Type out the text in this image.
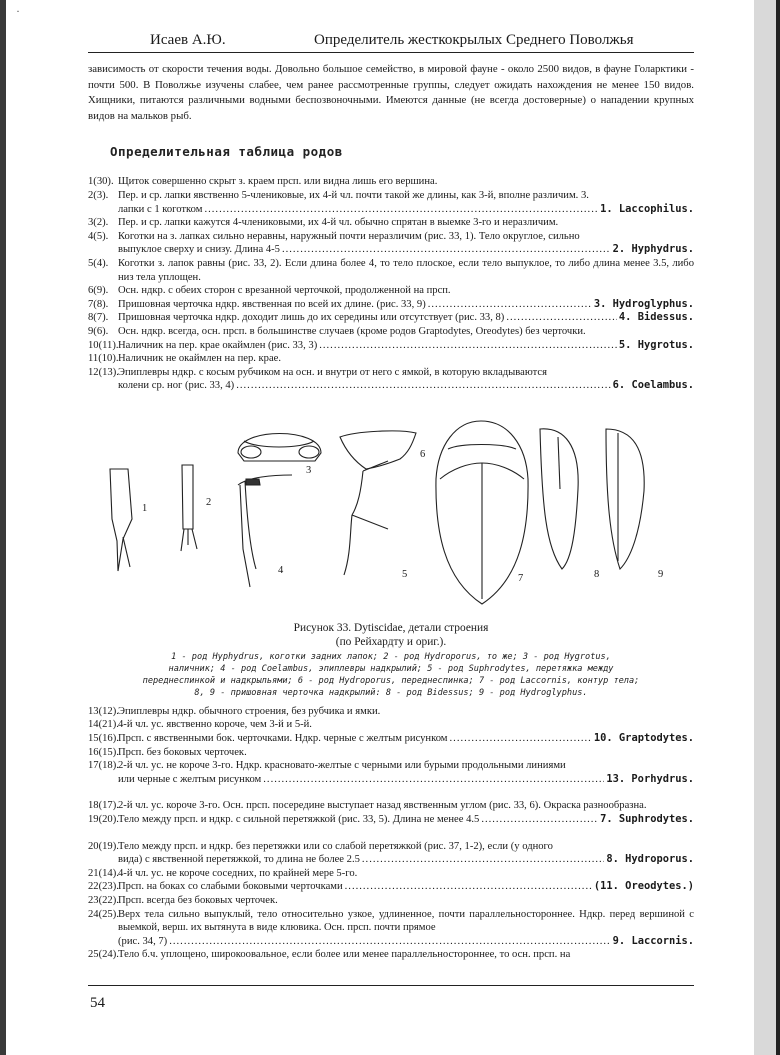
·
Исаев А.Ю.	Определитель жесткокрылых Среднего Поволжья
зависимость от скорости течения воды. Довольно большое семейство, в мировой фауне - около 2500 видов, в фауне Голарктики - почти 500. В Поволжье изучены слабее, чем ранее рассмотренные группы, следует ожидать нахождения не менее 150 видов. Хищники, питаются различными водными беспозвоночными. Имеются данные (не всегда достоверные) о нападении крупных видов на мальков рыб.
Определительная таблица родов
1(30). Щиток совершенно скрыт з. краем прсп. или видна лишь его вершина.
2(3). Пер. и ср. лапки явственно 5-члениковые, их 4-й чл. почти такой же длины, как 3-й, вполне различим. 3.
лапки с 1 коготком .....	1. Laccophilus.
3(2). Пер. и ср. лапки кажутся 4-члениковыми, их 4-й чл. обычно спрятан в выемке 3-го и неразличим.
4(5). Коготки на з. лапках сильно неравны, наружный почти неразличим (рис. 33, 1). Тело округлое, сильно
выпуклое сверху и снизу. Длина 4-5 .....	2. Hyphydrus.
5(4). Коготки з. лапок равны (рис. 33, 2). Если длина более 4, то тело плоское, если тело выпуклое, то либо длина менее 3.5, либо низ тела уплощен.
6(9). Осн. ндкр. с обеих сторон с врезанной черточкой, продолженной на прсп.
7(8). Пришовная черточка ндкр. явственная по всей их длине. (рис. 33, 9) .....	3. Hydroglyphus.
8(7). Пришовная черточка ндкр. доходит лишь до их середины или отсутствует (рис. 33, 8) .....	4. Bidessus.
9(6). Осн. ндкр. всегда, осн. прсп. в большинстве случаев (кроме родов Graptodytes, Oreodytes) без черточки.
10(11). Наличник на пер. крае окаймлен (рис. 33, 3) .....	5. Hygrotus.
11(10). Наличник не окаймлен на пер. крае.
12(13). Эпиплевры ндкр. с косым рубчиком на осн. и внутри от него с ямкой, в которую вкладываются
колени ср. ног (рис. 33, 4) .....	6. Coelambus.
1
2
3
4	5
6
7	8	9
Рисунок 33. Dytiscidae, детали строения
(по Рейхардту и ориг.).
1 - род Hyphydrus, коготки задних лапок; 2 - род Hydroporus, то же; 3 - род Hygrotus,
наличник; 4 - род Coelambus, эпиплевры надкрылий; 5 - род Suphrodytes, перетяжка между
переднеспинкой и надкрыльями; 6 - род Hydroporus, переднеспинка; 7 - род Laccornis, контур тела;
8, 9 - пришовная черточка надкрылий: 8 - род Bidessus; 9 - род Hydroglyphus.
13(12). Эпиплевры ндкр. обычного строения, без рубчика и ямки.
14(21). 4-й чл. ус. явственно короче, чем 3-й и 5-й.
15(16). Прсп. с явственными бок. черточками. Ндкр. черные с желтым рисунком .....	10. Graptodytes.
16(15). Прсп. без боковых черточек.
17(18). 2-й чл. ус. не короче 3-го. Ндкр. красновато-желтые с черными или бурыми продольными линиями
или черные с желтым рисунком .....	13. Porhydrus.
18(17). 2-й чл. ус. короче 3-го. Осн. прсп. посередине выступает назад явственным углом (рис. 33, 6). Окраска разнообразна.
19(20). Тело между прсп. и ндкр. с сильной перетяжкой (рис. 33, 5). Длина не менее 4.5 .....	7. Suphrodytes.
20(19). Тело между прсп. и ндкр. без перетяжки или со слабой перетяжкой (рис. 37, 1-2), если (у одного
вида) с явственной перетяжкой, то длина не более 2.5 .....	8. Hydroporus.
21(14). 4-й чл. ус. не короче соседних, по крайней мере 5-го.
22(23). Прсп. на боках со слабыми боковыми черточками .....	(11. Oreodytes.)
23(22). Прсп. всегда без боковых черточек.
24(25). Верх тела сильно выпуклый, тело относительно узкое, удлиненное, почти параллельностороннее. Ндкр. перед вершиной с выемкой, верш. их вытянута в виде клювика. Осн. прсп. почти прямое
(рис. 34, 7) .....	9. Laccornis.
25(24). Тело б.ч. уплощено, широкоовальное, если более или менее параллельностороннее, то осн. прсп. на
54
